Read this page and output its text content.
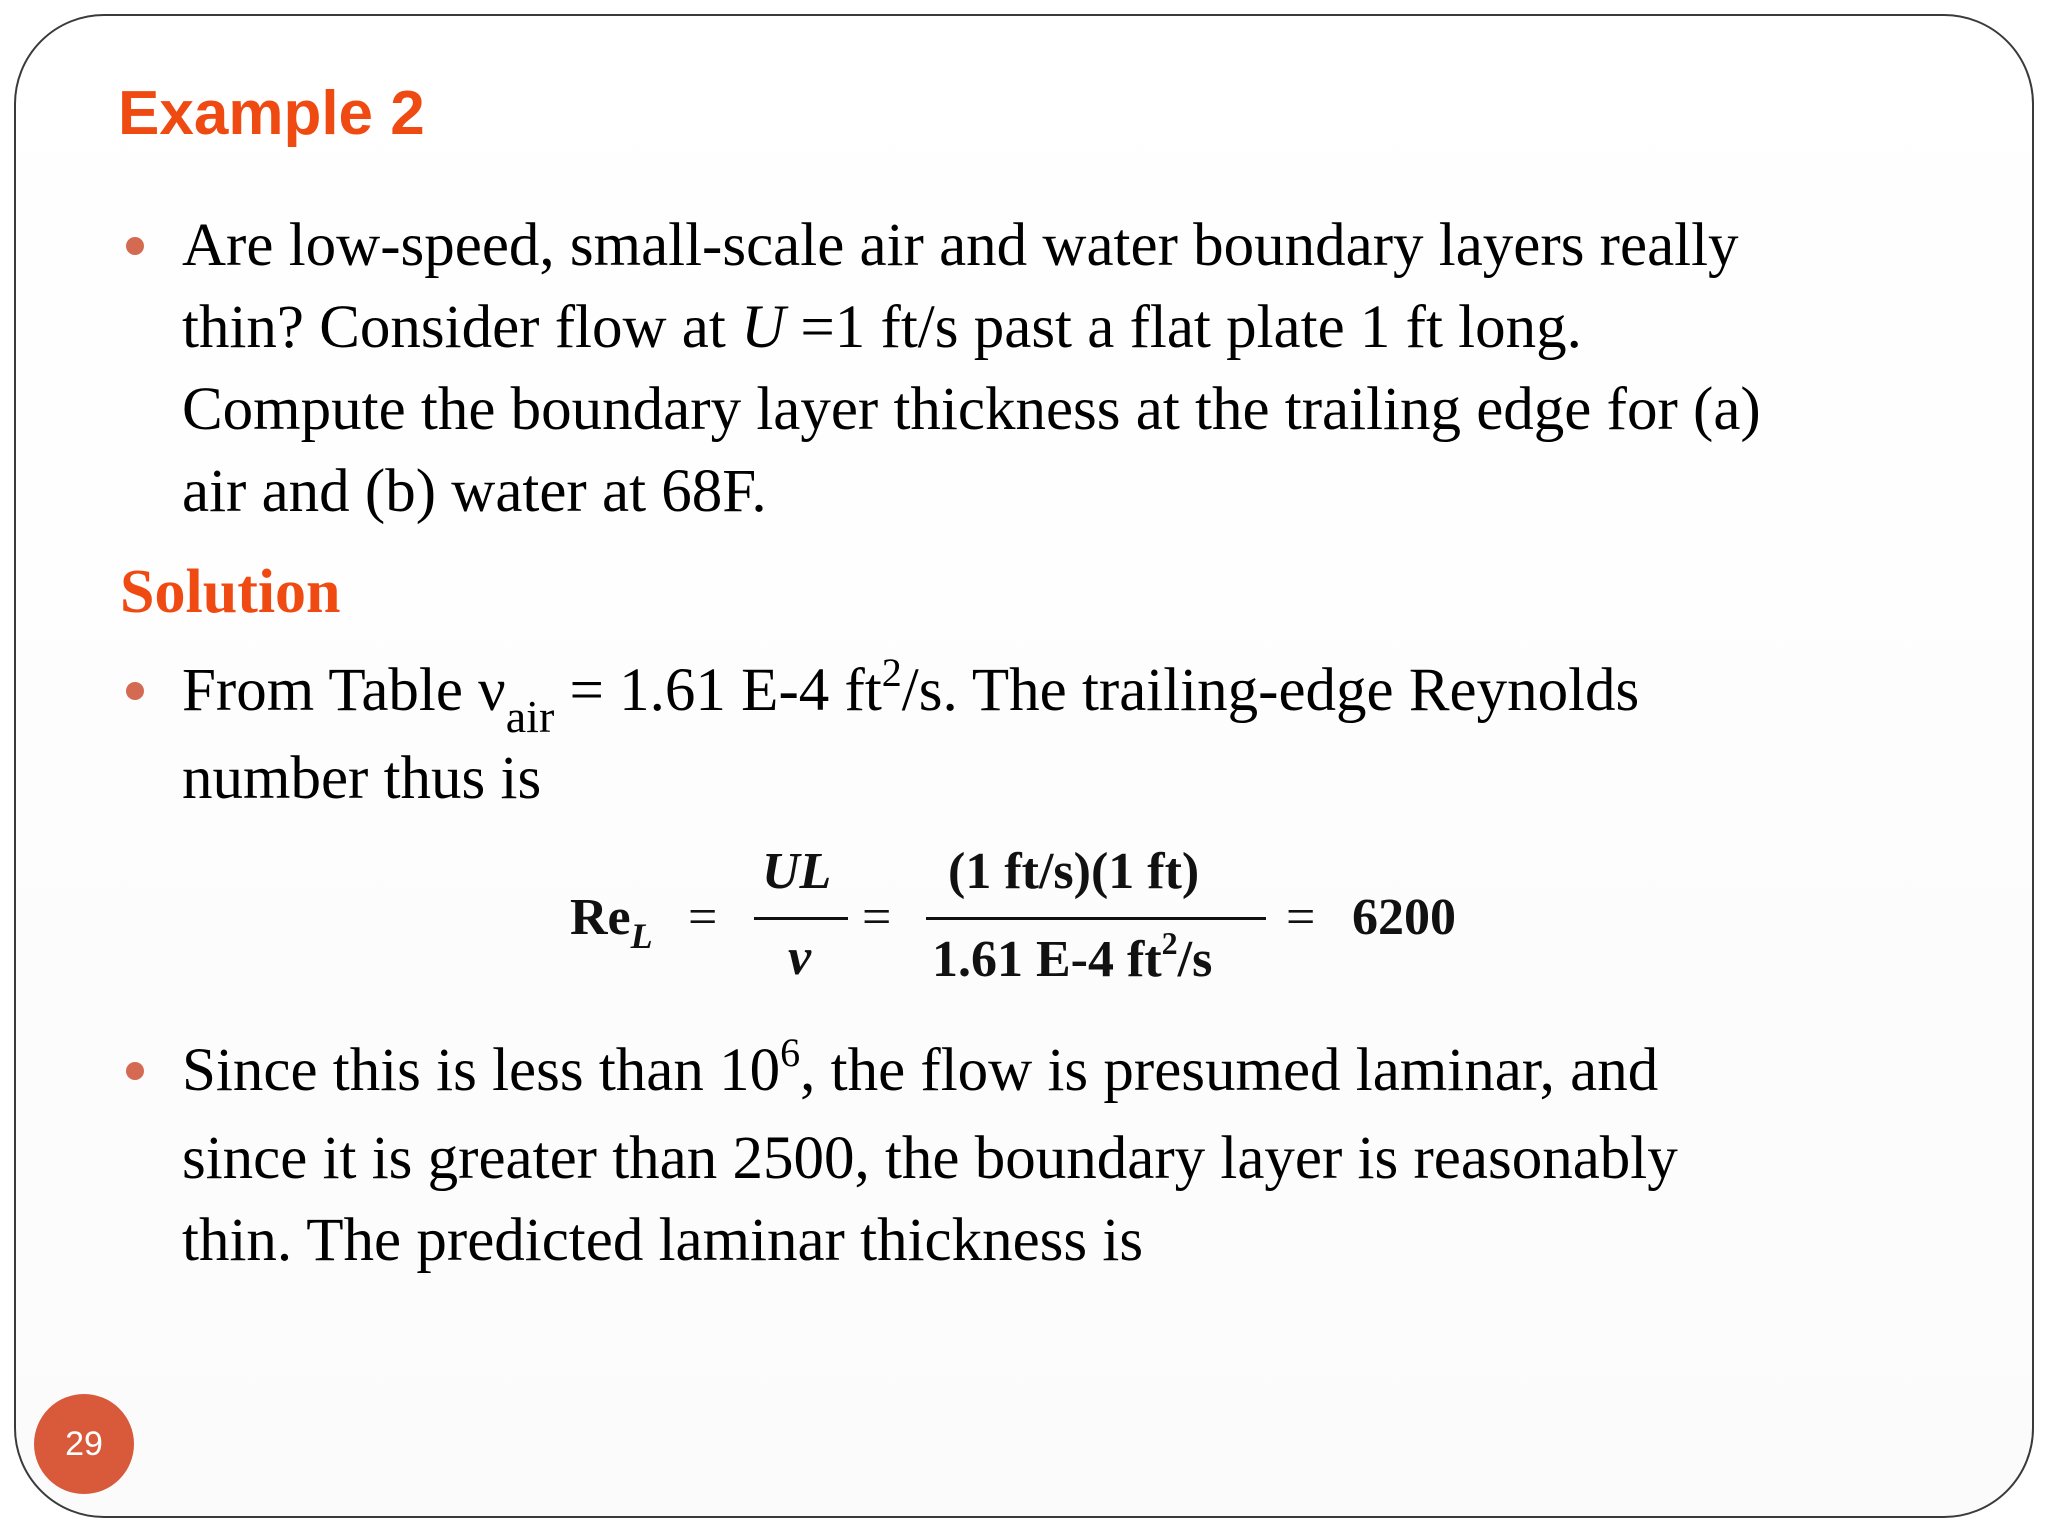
Example 2
Are low-speed, small-scale air and water boundary layers really
thin? Consider flow at U =1 ft/s past a flat plate 1 ft long.
Compute the boundary layer thickness at the trailing edge for (a)
air and (b) water at 68F.
Solution
From Table $\nu_{air} = 1.61$ E-4 $ft^2/s$. The trailing-edge Reynolds
number thus is
$Re_L$ =
UL
ν
=
(1 ft/s)(1 ft)
1.61 E-4 $ft^2/s$
= 6200
Since this is less than $10^6$, the flow is presumed laminar, and
since it is greater than 2500, the boundary layer is reasonably
thin. The predicted laminar thickness is
29
